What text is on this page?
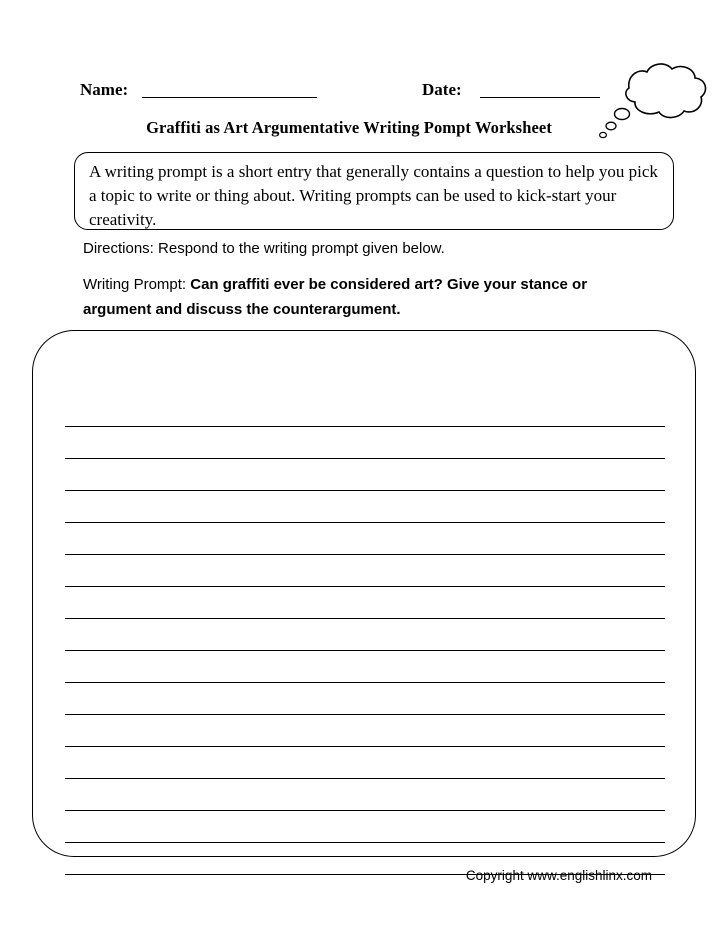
Name:	Date:
Graffiti as Art Argumentative Writing Pompt Worksheet

A writing prompt is a short entry that generally contains a question to help you pick a topic to write or thing about. Writing prompts can be used to kick-start your creativity.

Directions: Respond to the writing prompt given below.
Writing Prompt: Can graffiti ever be considered art? Give your stance or argument and discuss the counterargument.
Copyright www.englishlinx.com
